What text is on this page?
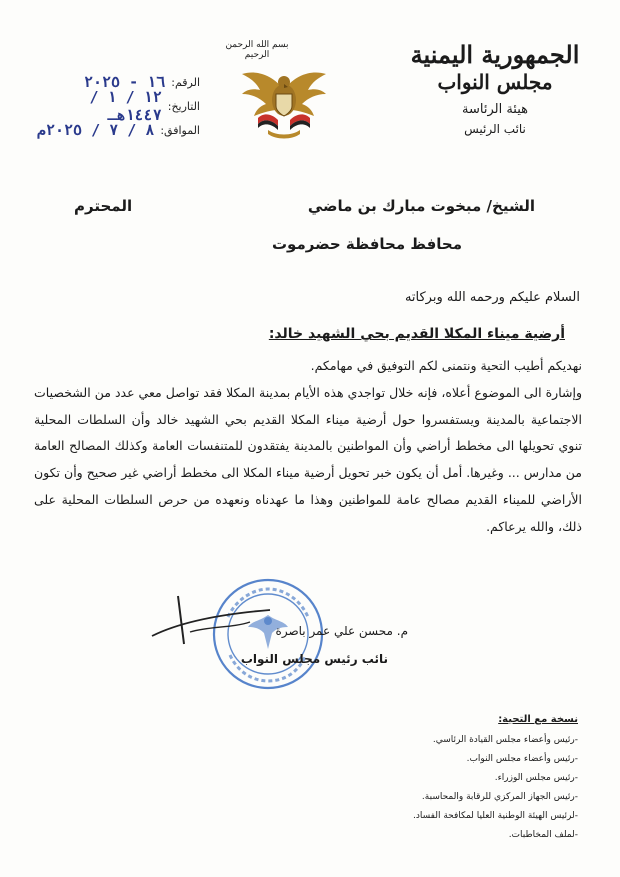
الجمهورية اليمنية
مجلس النواب
هيئة الرئاسة
نائب الرئيس
بسم الله الرحمن الرحيم
الرقم:
١٦ - ٢٠٢٥
التاريخ:
١٢ / ١ / ١٤٤٧هـ
الموافق:
٨ / ٧ / ٢٠٢٥م
الشيخ/ مبخوت مبارك بن ماضي
المحترم
محافظ محافظة حضرموت
السلام عليكم ورحمه الله وبركاته
أرضية ميناء المكلا القديم بحي الشهيد خالد:

نهديكم أطيب التحية ونتمنى لكم التوفيق في مهامكم.

وإشارة الى الموضوع أعلاه، فإنه خلال تواجدي هذه الأيام بمدينة المكلا فقد تواصل معي عدد من الشخصيات الاجتماعية بالمدينة ويستفسروا حول أرضية ميناء المكلا القديم بحي الشهيد خالد وأن السلطات المحلية تنوي تحويلها الى مخطط أراضي وأن المواطنين بالمدينة يفتقدون للمتنفسات العامة وكذلك المصالح العامة من مدارس ... وغيرها. أمل أن يكون خبر تحويل أرضية ميناء المكلا الى مخطط أراضي غير صحيح وأن تكون الأراضي للميناء القديم مصالح عامة للمواطنين وهذا ما عهدناه ونعهده من حرص السلطات المحلية على ذلك، والله يرعاكم.

م. محسن علي عمر باصرة
نائب رئيس مجلس النواب
نسخة مع التحية:
-رئيس وأعضاء مجلس القيادة الرئاسي.
-رئيس وأعضاء مجلس النواب.
-رئيس مجلس الوزراء.
-رئيس الجهاز المركزي للرقابة والمحاسبة.
-لرئيس الهيئة الوطنية العليا لمكافحة الفساد.
-لملف المخاطبات.
